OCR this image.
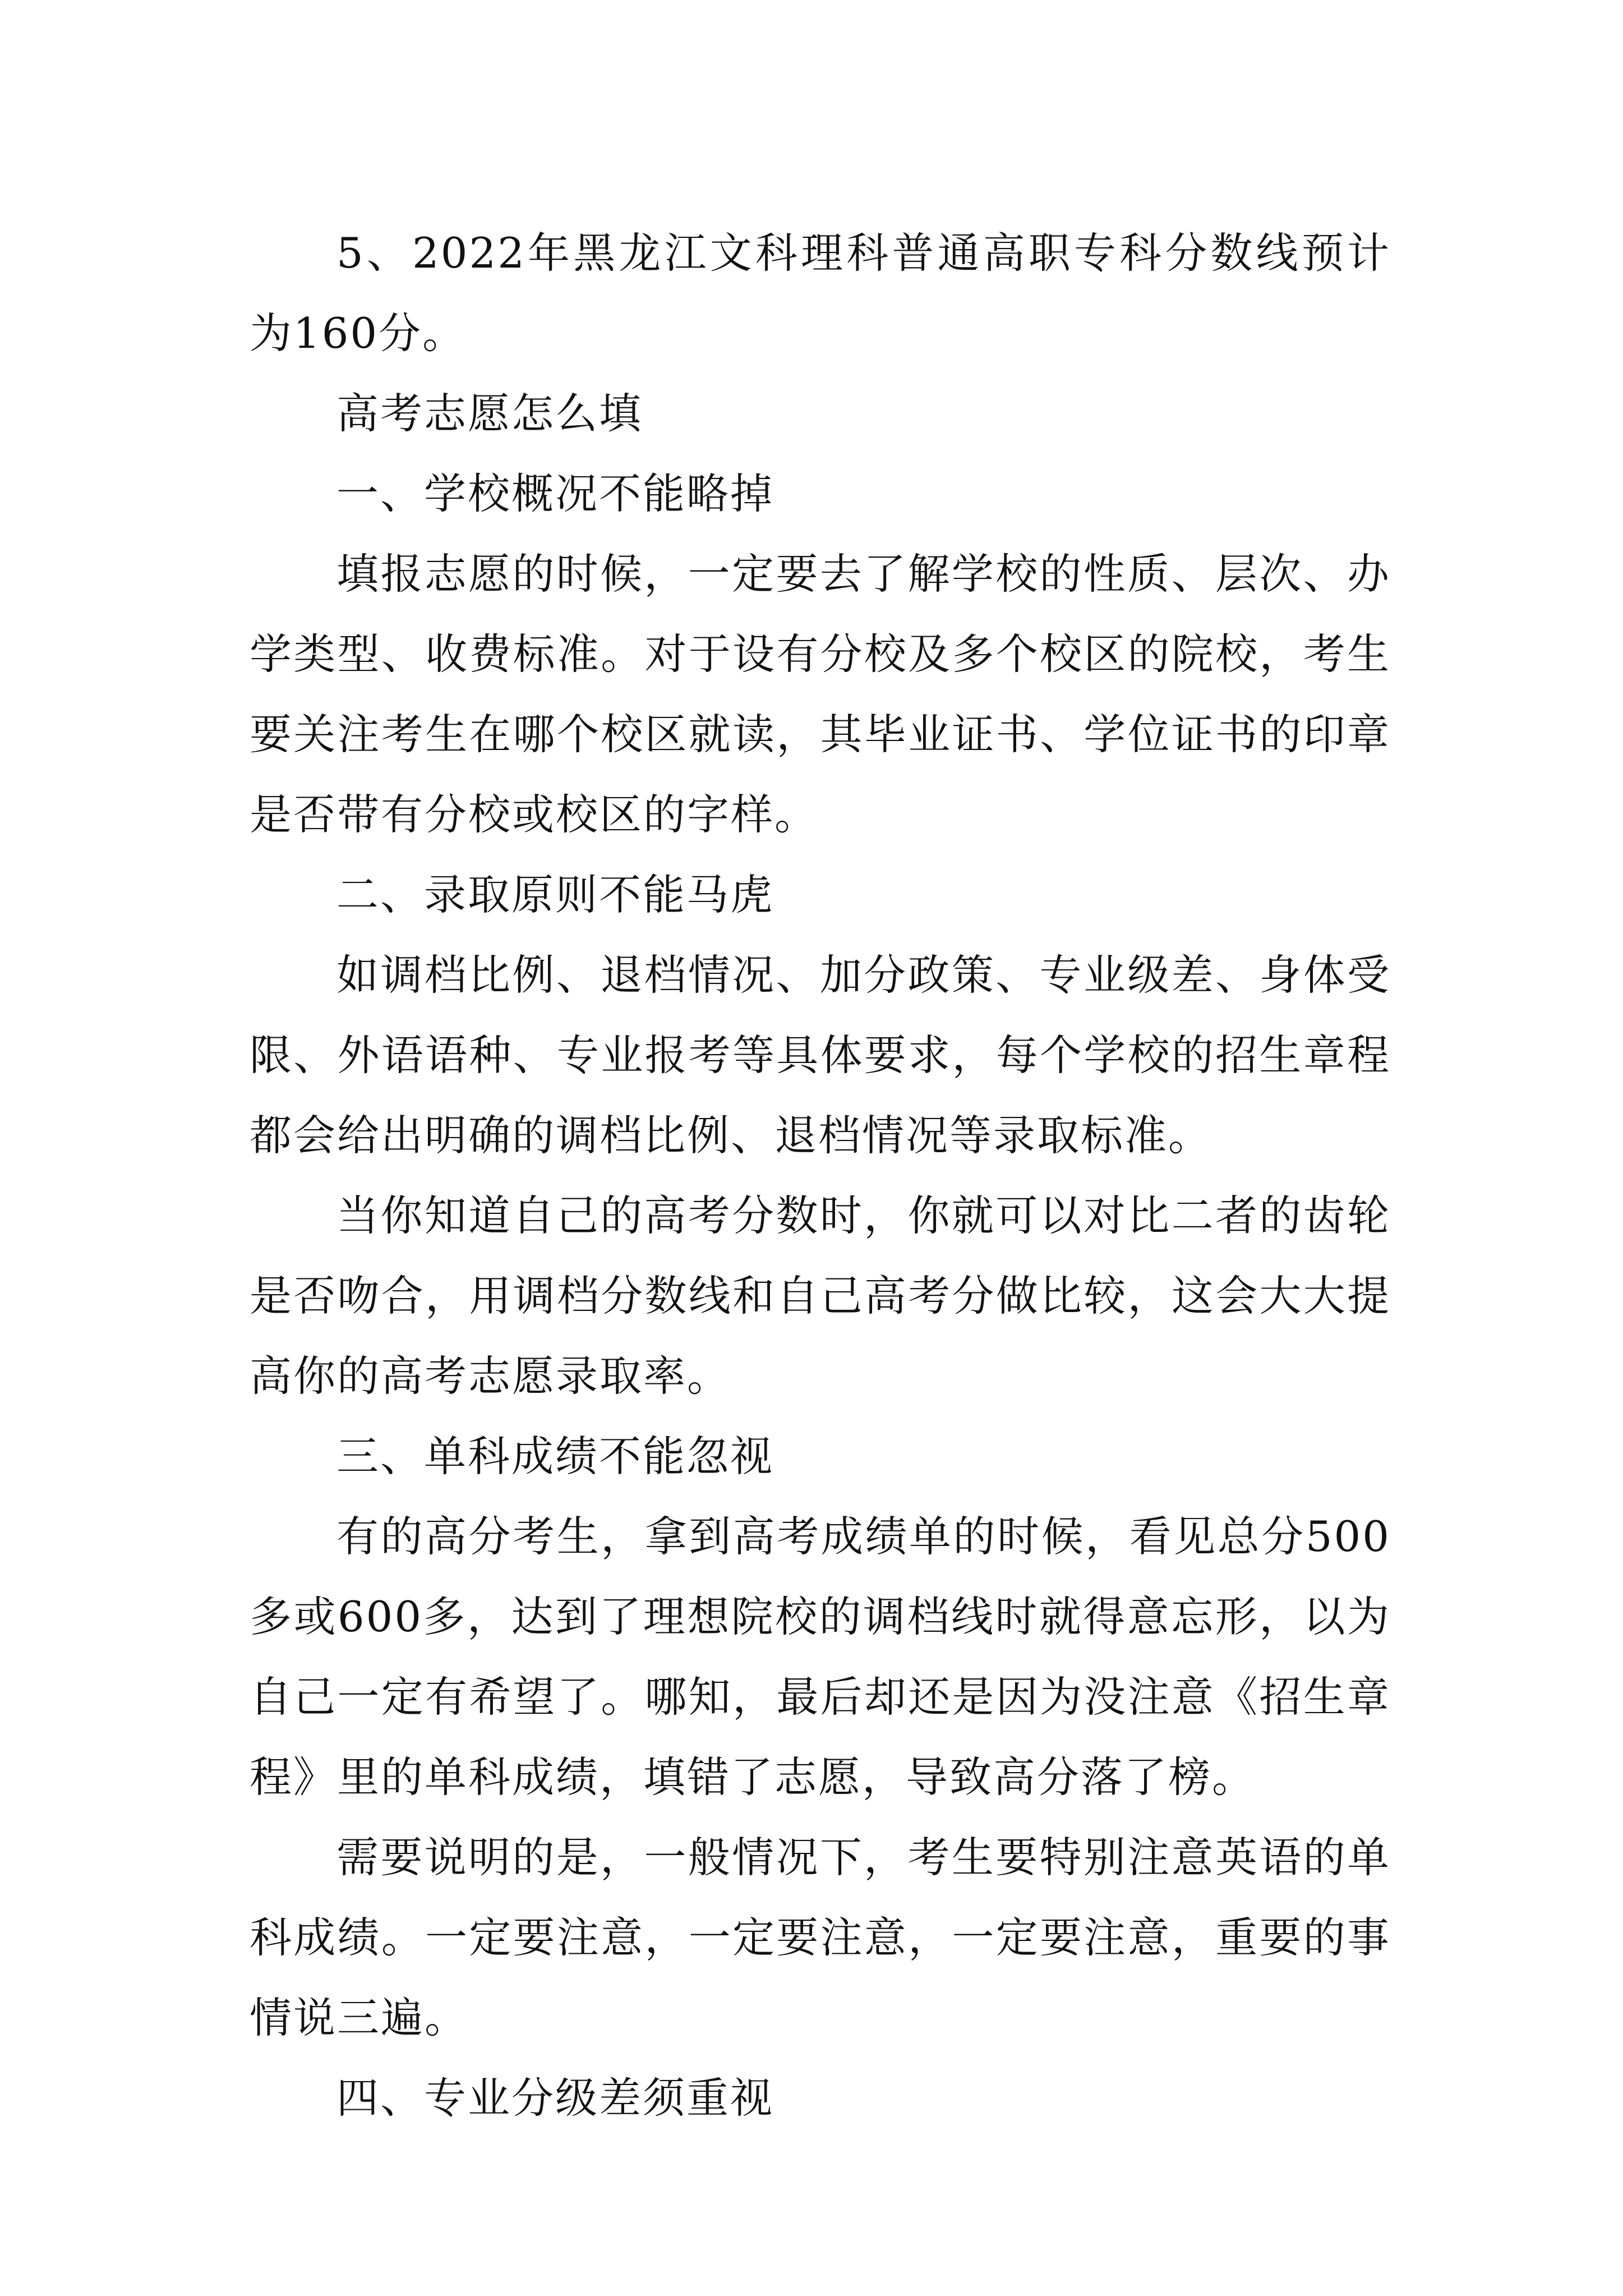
5、2022年黑龙江文科理科普通高职专科分数线预计为160分。

高考志愿怎么填

一、学校概况不能略掉

填报志愿的时候，一定要去了解学校的性质、层次、办学类型、收费标准。对于设有分校及多个校区的院校，考生要关注考生在哪个校区就读，其毕业证书、学位证书的印章是否带有分校或校区的字样。

二、录取原则不能马虎

如调档比例、退档情况、加分政策、专业级差、身体受限、外语语种、专业报考等具体要求，每个学校的招生章程都会给出明确的调档比例、退档情况等录取标准。

当你知道自己的高考分数时，你就可以对比二者的齿轮是否吻合，用调档分数线和自己高考分做比较，这会大大提高你的高考志愿录取率。

三、单科成绩不能忽视

有的高分考生，拿到高考成绩单的时候，看见总分500多或600多，达到了理想院校的调档线时就得意忘形，以为自己一定有希望了。哪知，最后却还是因为没注意《招生章程》里的单科成绩，填错了志愿，导致高分落了榜。

需要说明的是，一般情况下，考生要特别注意英语的单科成绩。一定要注意，一定要注意，一定要注意，重要的事情说三遍。

四、专业分级差须重视
